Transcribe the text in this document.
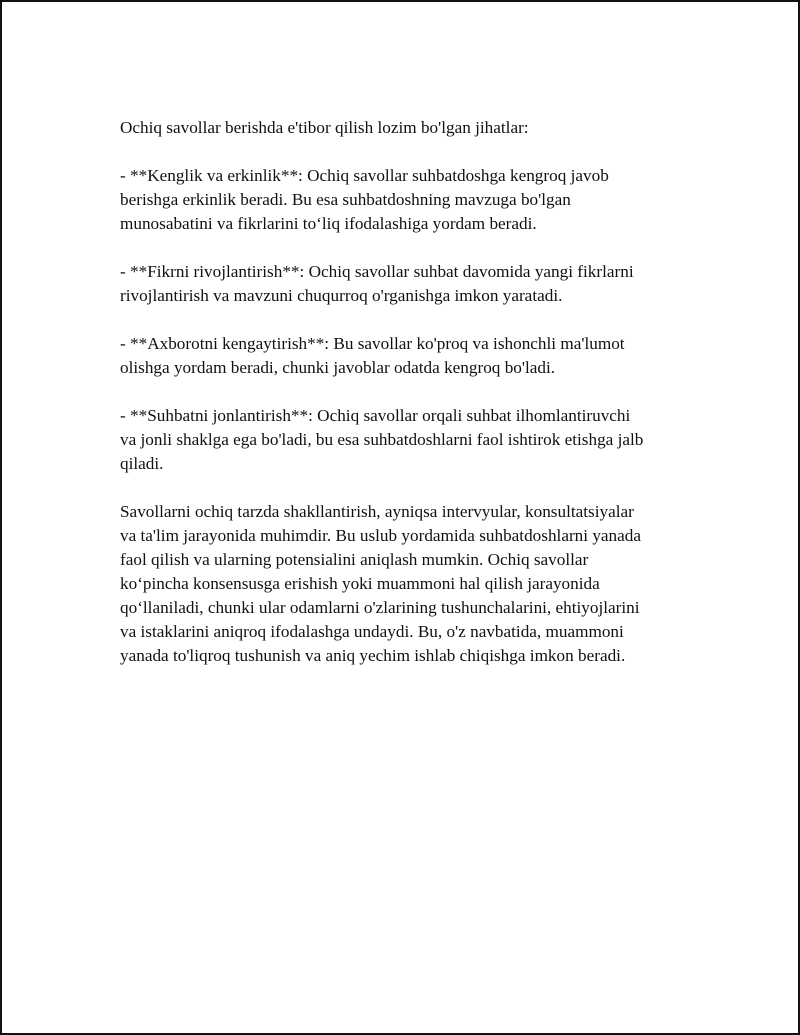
Ochiq savollar berishda e'tibor qilish lozim bo'lgan jihatlar:

- **Kenglik va erkinlik**: Ochiq savollar suhbatdoshga kengroq javob
berishga erkinlik beradi. Bu esa suhbatdoshning mavzuga bo'lgan
munosabatini va fikrlarini to‘liq ifodalashiga yordam beradi.

- **Fikrni rivojlantirish**: Ochiq savollar suhbat davomida yangi fikrlarni
rivojlantirish va mavzuni chuqurroq o'rganishga imkon yaratadi.

- **Axborotni kengaytirish**: Bu savollar ko'proq va ishonchli ma'lumot
olishga yordam beradi, chunki javoblar odatda kengroq bo'ladi.

- **Suhbatni jonlantirish**: Ochiq savollar orqali suhbat ilhomlantiruvchi
va jonli shaklga ega bo'ladi, bu esa suhbatdoshlarni faol ishtirok etishga jalb
qiladi.

Savollarni ochiq tarzda shakllantirish, ayniqsa intervyular, konsultatsiyalar
va ta'lim jarayonida muhimdir. Bu uslub yordamida suhbatdoshlarni yanada
faol qilish va ularning potensialini aniqlash mumkin. Ochiq savollar
ko‘pincha konsensusga erishish yoki muammoni hal qilish jarayonida
qo‘llaniladi, chunki ular odamlarni o'zlarining tushunchalarini, ehtiyojlarini
va istaklarini aniqroq ifodalashga undaydi. Bu, o'z navbatida, muammoni
yanada to'liqroq tushunish va aniq yechim ishlab chiqishga imkon beradi.
